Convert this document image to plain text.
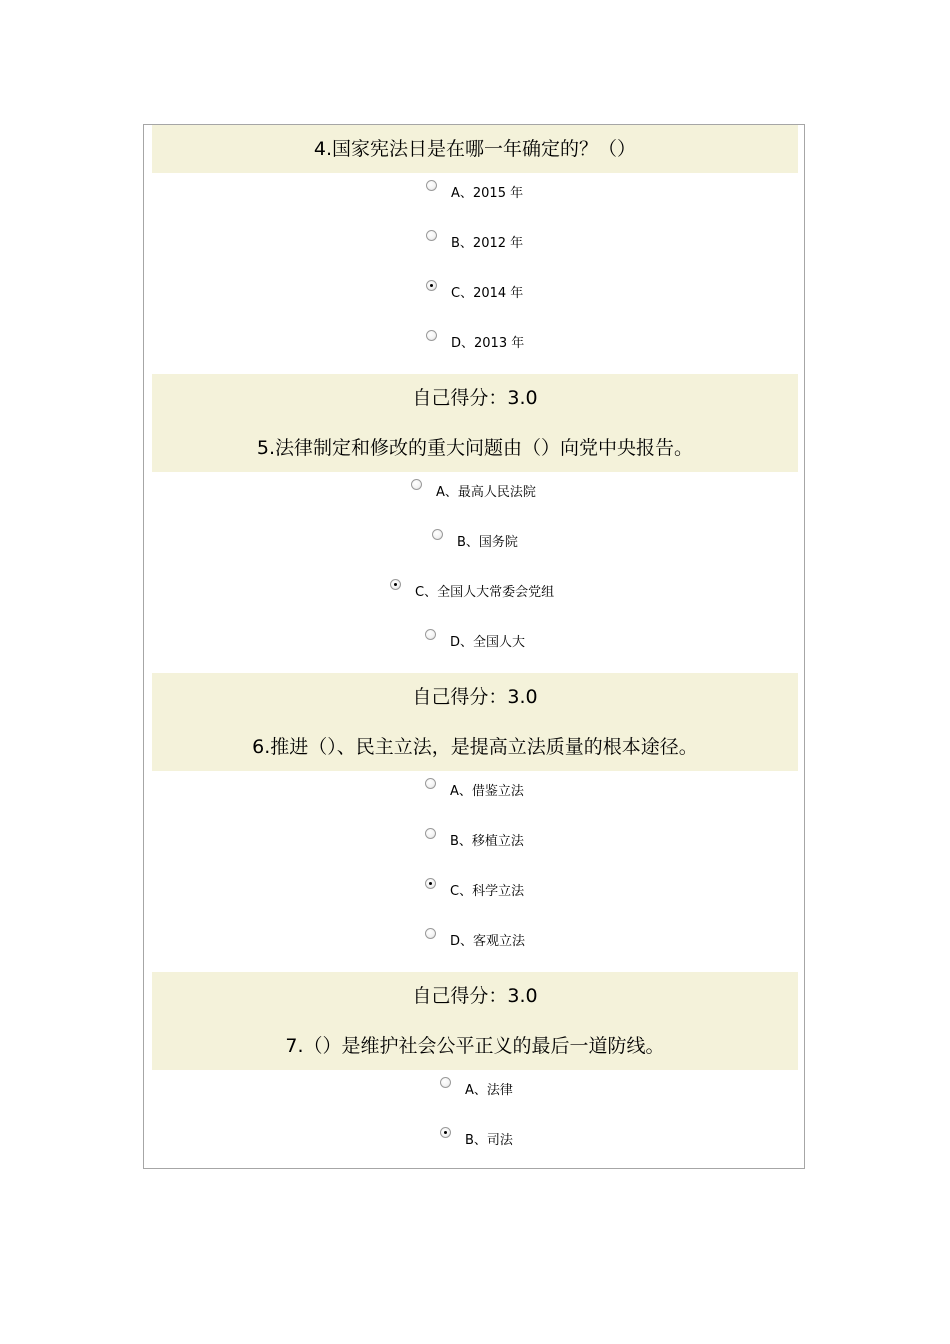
4.国家宪法日是在哪一年确定的？（）
A、2015 年
B、2012 年
C、2014 年
D、2013 年
自己得分：3.0
5.法律制定和修改的重大问题由（）向党中央报告。
A、最高人民法院
B、国务院
C、全国人大常委会党组
D、全国人大
自己得分：3.0
6.推进（）、民主立法，是提高立法质量的根本途径。
A、借鉴立法
B、移植立法
C、科学立法
D、客观立法
自己得分：3.0
7.（）是维护社会公平正义的最后一道防线。
A、法律
B、司法
